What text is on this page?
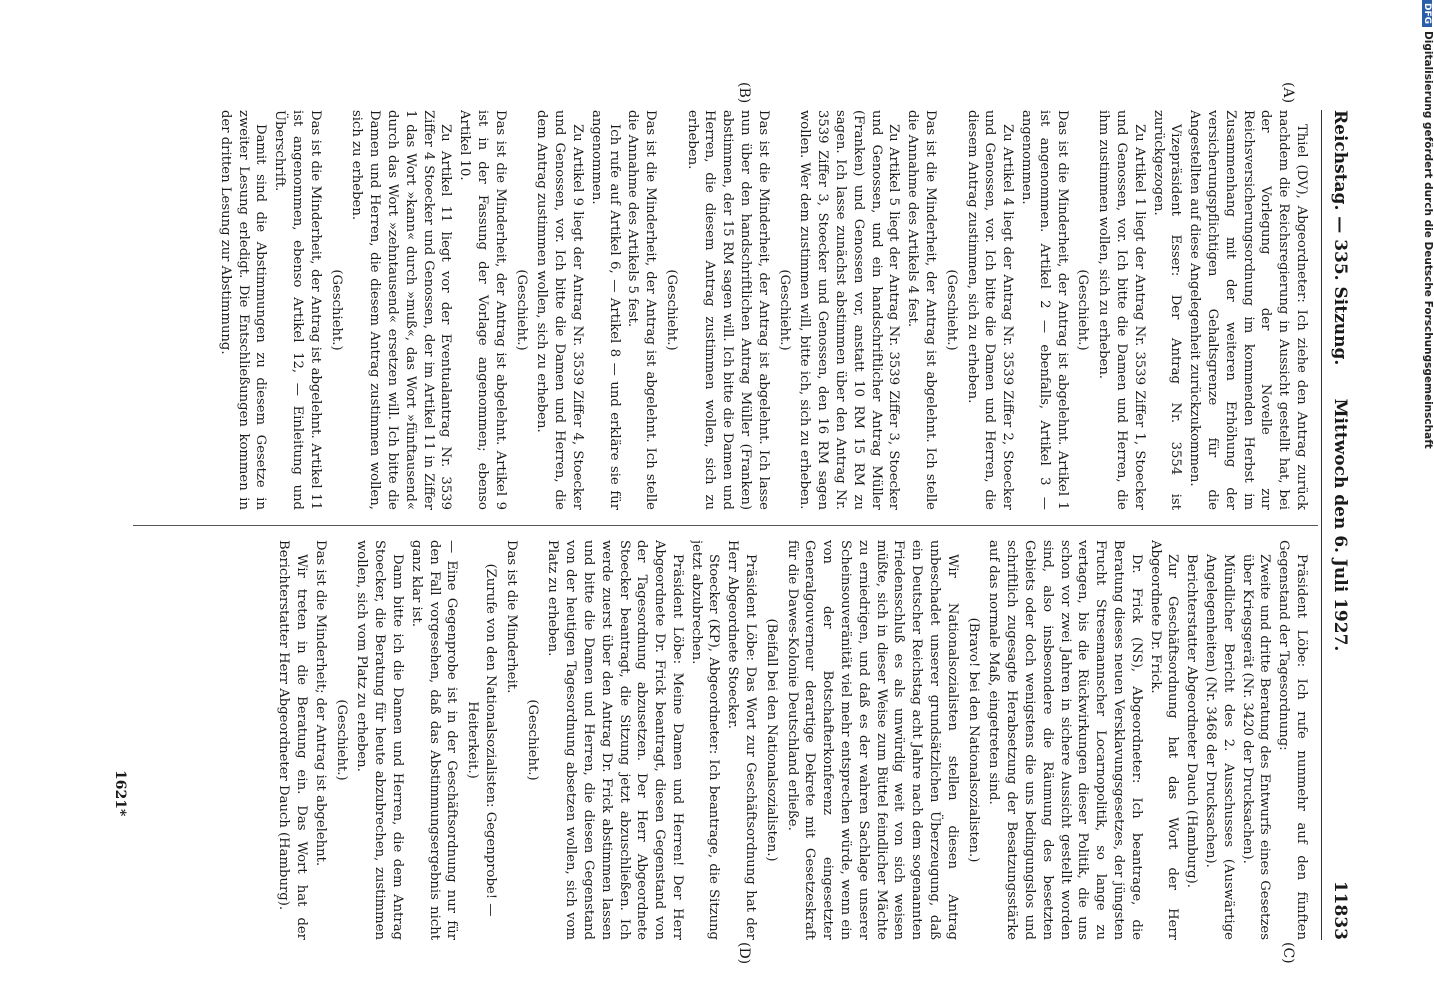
Reichstag. — 335. Sitzung.
Mittwoch den 6. Juli 1927.
11833
(A)
(B)
(C)
(D)

Thiel (DV), Abgeordneter: Ich ziehe den Antrag zurück nachdem die Reichsregierung in Aussicht gestellt hat, bei der Vorlegung der Novelle zur Reichsversicherungsordnung im kommenden Herbst im Zusammenhang mit der weiteren Erhöhung der versicherungspflichtigen Gehaltsgrenze für die Angestellten auf diese Angelegenheit zurückzukommen.

Vizepräsident Esser: Der Antrag Nr. 3554 ist zurückgezogen.

Zu Artikel 1 liegt der Antrag Nr. 3539 Ziffer 1, Stoecker und Genossen, vor. Ich bitte die Damen und Herren, die ihm zustimmen wollen, sich zu erheben.

(Geschieht.)

Das ist die Minderheit, der Antrag ist abgelehnt. Artikel 1 ist angenommen. Artikel 2 — ebenfalls, Artikel 3 — angenommen.

Zu Artikel 4 liegt der Antrag Nr. 3539 Ziffer 2, Stoecker und Genossen, vor. Ich bitte die Damen und Herren, die diesem Antrag zustimmen, sich zu erheben.

(Geschieht.)

Das ist die Minderheit, der Antrag ist abgelehnt. Ich stelle die Annahme des Artikels 4 fest.

Zu Artikel 5 liegt der Antrag Nr. 3539 Ziffer 3, Stoecker und Genossen, und ein handschriftlicher Antrag Müller (Franken) und Genossen vor, anstatt 10 RM 15 RM zu sagen. Ich lasse zunächst abstimmen über den Antrag Nr. 3539 Ziffer 3, Stoecker und Genossen, den 16 RM sagen wollen. Wer dem zustimmen will, bitte ich, sich zu erheben.

(Geschieht.)

Das ist die Minderheit, der Antrag ist abgelehnt. Ich lasse nun über den handschriftlichen Antrag Müller (Franken) abstimmen, der 15 RM sagen will. Ich bitte die Damen und Herren, die diesem Antrag zustimmen wollen, sich zu erheben.

(Geschieht.)

Das ist die Minderheit, der Antrag ist abgelehnt. Ich stelle die Annahme des Artikels 5 fest.

Ich rufe auf Artikel 6, — Artikel 8 — und erkläre sie für angenommen.

Zu Artikel 9 liegt der Antrag Nr. 3539 Ziffer 4, Stoecker und Genossen, vor. Ich bitte die Damen und Herren, die dem Antrag zustimmen wollen, sich zu erheben.

(Geschieht.)

Das ist die Minderheit, der Antrag ist abgelehnt. Artikel 9 ist in der Fassung der Vorlage angenommen; ebenso Artikel 10.

Zu Artikel 11 liegt vor der Eventualantrag Nr. 3539 Ziffer 4 Stoecker und Genossen, der im Artikel 11 in Ziffer 1 das Wort »kann« durch »muß«, das Wort »fünftausend« durch das Wort »zehntausend« ersetzen will. Ich bitte die Damen und Herren, die diesem Antrag zustimmen wollen, sich zu erheben.

(Geschieht.)

Das ist die Minderheit, der Antrag ist abgelehnt. Artikel 11 ist angenommen, ebenso Artikel 12, — Einleitung und Überschrift.

Damit sind die Abstimmungen zu diesem Gesetze in zweiter Lesung erledigt. Die Entschließungen kommen in der dritten Lesung zur Abstimmung.

Präsident Löbe: Ich rufe nunmehr auf den fünften Gegenstand der Tagesordnung:

Zweite und dritte Beratung des Entwurfs eines Gesetzes über Kriegsgerät (Nr. 3420 der Drucksachen).

Mündlicher Bericht des 2. Ausschusses (Auswärtige Angelegenheiten) (Nr. 3468 der Drucksachen).

Berichterstatter Abgeordneter Dauch (Hamburg).

Zur Geschäftsordnung hat das Wort der Herr Abgeordnete Dr. Frick.

Dr. Frick (NS), Abgeordneter: Ich beantrage, die Beratung dieses neuen Versklavungsgesetzes, der jüngsten Frucht Stresemannscher Locarnopolitik, so lange zu vertagen, bis die Rückwirkungen dieser Politik, die uns schon vor zwei Jahren in sichere Aussicht gestellt worden sind, also insbesondere die Räumung des besetzten Gebiets oder doch wenigstens die uns bedingungslos und schriftlich zugesagte Herabsetzung der Besatzungsstärke auf das normale Maß, eingetreten sind.

(Bravo! bei den Nationalsozialisten.)

Wir Nationalsozialisten stellen diesen Antrag unbeschadet unserer grundsätzlichen Überzeugung, daß ein Deutscher Reichstag acht Jahre nach dem sogenannten Friedensschluß es als unwürdig weit von sich weisen müßte, sich in dieser Weise zum Büttel feindlicher Mächte zu erniedrigen, und daß es der wahren Sachlage unserer Scheinsouveränität viel mehr entsprechen würde, wenn ein von der Botschafterkonferenz eingesetzter Generalgouverneur derartige Dekrete mit Gesetzeskraft für die Dawes-Kolonie Deutschland erließe.

(Beifall bei den Nationalsozialisten.)

Präsident Löbe: Das Wort zur Geschäftsordnung hat der Herr Abgeordnete Stoecker.

Stoecker (KP), Abgeordneter: Ich beantrage, die Sitzung jetzt abzubrechen.

Präsident Löbe: Meine Damen und Herren! Der Herr Abgeordnete Dr. Frick beantragt, diesen Gegenstand von der Tagesordnung abzusetzen. Der Herr Abgeordnete Stoecker beantragt, die Sitzung jetzt abzuschließen. Ich werde zuerst über den Antrag Dr. Frick abstimmen lassen und bitte die Damen und Herren, die diesen Gegenstand von der heutigen Tagesordnung absetzen wollen, sich vom Platz zu erheben.

(Geschieht.)

Das ist die Minderheit.

(Zurufe von den Nationalsozialisten: Gegenprobe! — Heiterkeit.)

— Eine Gegenprobe ist in der Geschäftsordnung nur für den Fall vorgesehen, daß das Abstimmungsergebnis nicht ganz klar ist.

Dann bitte ich die Damen und Herren, die dem Antrag Stoecker, die Beratung für heute abzubrechen, zustimmen wollen, sich vom Platz zu erheben.

(Geschieht.)

Das ist die Minderheit; der Antrag ist abgelehnt.

Wir treten in die Beratung ein. Das Wort hat der Berichterstatter Herr Abgeordneter Dauch (Hamburg).

1621*
DFGDigitalisierung gefördert durch die Deutsche Forschungsgemeinschaft
